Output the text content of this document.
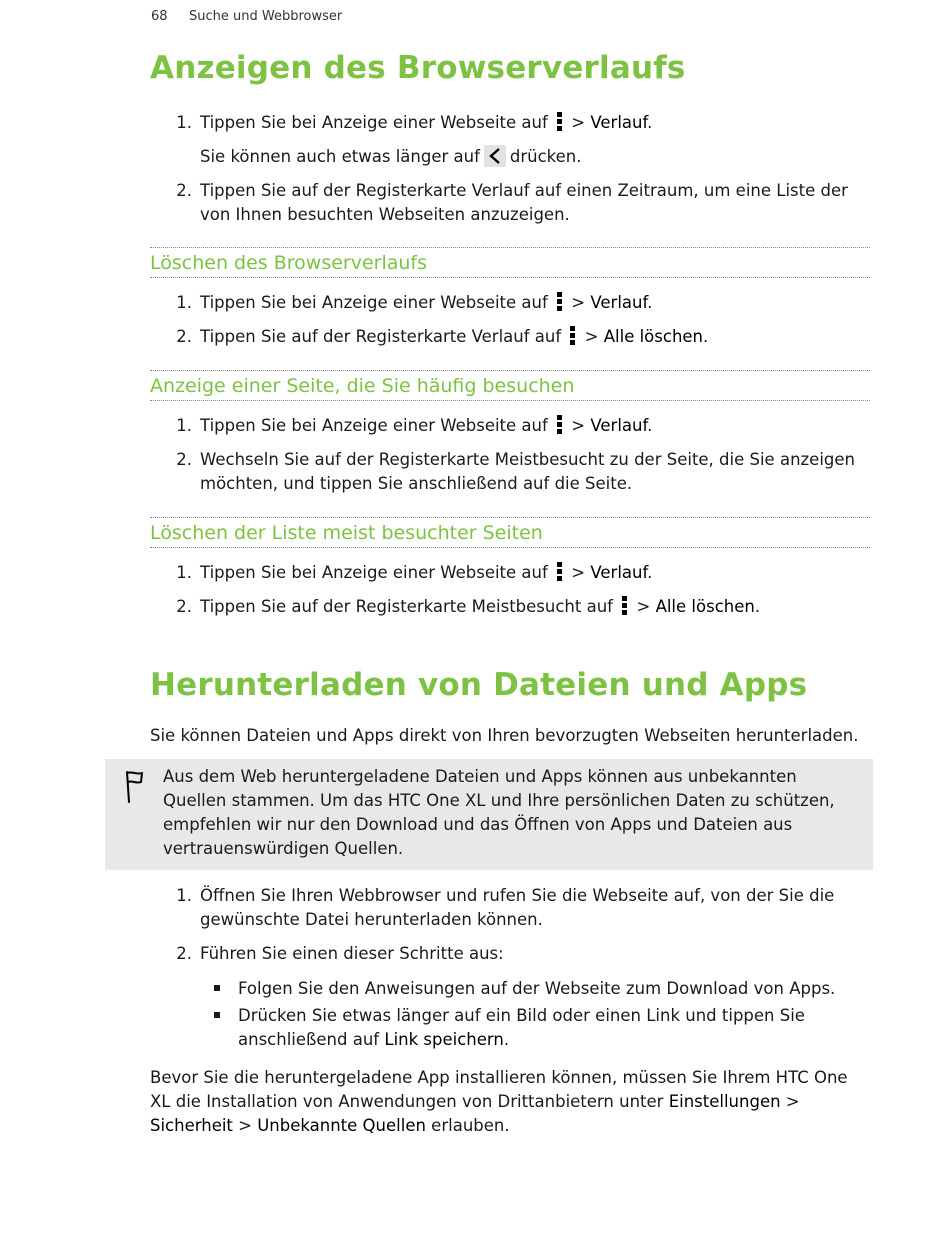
68 Suche und Webbrowser
Anzeigen des Browserverlaufs
1. Tippen Sie bei Anzeige einer Webseite auf  > Verlauf.
Sie können auch etwas länger auf drücken.
2. Tippen Sie auf der Registerkarte Verlauf auf einen Zeitraum, um eine Liste der von Ihnen besuchten Webseiten anzuzeigen.
Löschen des Browserverlaufs
1. Tippen Sie bei Anzeige einer Webseite auf  > Verlauf.
2. Tippen Sie auf der Registerkarte Verlauf auf  > Alle löschen.
Anzeige einer Seite, die Sie häufig besuchen
1. Tippen Sie bei Anzeige einer Webseite auf  > Verlauf.
2. Wechseln Sie auf der Registerkarte Meistbesucht zu der Seite, die Sie anzeigen möchten, und tippen Sie anschließend auf die Seite.
Löschen der Liste meist besuchter Seiten
1. Tippen Sie bei Anzeige einer Webseite auf  > Verlauf.
2. Tippen Sie auf der Registerkarte Meistbesucht auf  > Alle löschen.
Herunterladen von Dateien und Apps
Sie können Dateien und Apps direkt von Ihren bevorzugten Webseiten herunterladen.
Aus dem Web heruntergeladene Dateien und Apps können aus unbekannten Quellen stammen. Um das HTC One XL und Ihre persönlichen Daten zu schützen, empfehlen wir nur den Download und das Öffnen von Apps und Dateien aus vertrauenswürdigen Quellen.
1. Öffnen Sie Ihren Webbrowser und rufen Sie die Webseite auf, von der Sie die gewünschte Datei herunterladen können.
2. Führen Sie einen dieser Schritte aus:
Folgen Sie den Anweisungen auf der Webseite zum Download von Apps.
Drücken Sie etwas länger auf ein Bild oder einen Link und tippen Sie anschließend auf Link speichern.
Bevor Sie die heruntergeladene App installieren können, müssen Sie Ihrem HTC One XL die Installation von Anwendungen von Drittanbietern unter Einstellungen > Sicherheit > Unbekannte Quellen erlauben.
